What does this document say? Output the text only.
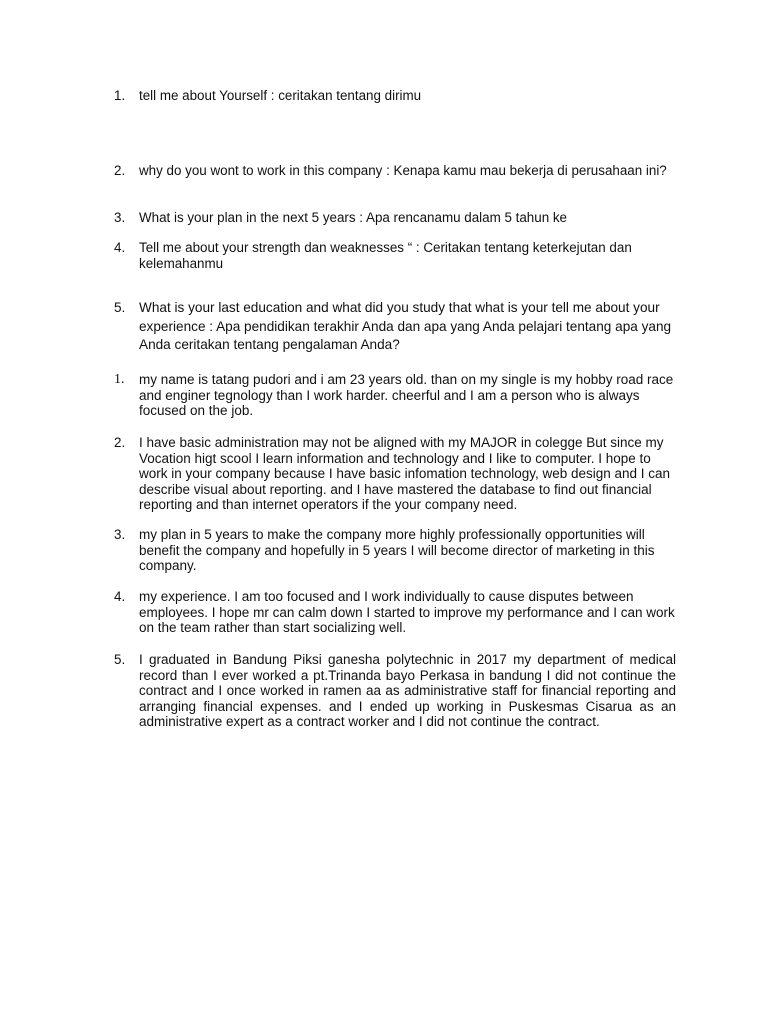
1.	tell me about Yourself : ceritakan tentang dirimu
2.	why do you wont to work in this company : Kenapa kamu mau bekerja di perusahaan ini?
3.	What is your plan in the next 5 years : Apa rencanamu dalam 5 tahun ke
4.	Tell me about your strength dan weaknesses “ : Ceritakan tentang keterkejutan dan kelemahanmu
5.	What is your last education and what did you study that what is your tell me about your experience : Apa pendidikan terakhir Anda dan apa yang Anda pelajari tentang apa yang Anda ceritakan tentang pengalaman Anda?
1.	my name is tatang pudori and i am 23 years old. than on my single is my hobby road race and enginer tegnology than I work harder. cheerful and I am a person who is always focused on the job.
2.	I have basic administration may not be aligned with my MAJOR in colegge But since my Vocation higt scool I learn information and technology and I like to computer. I hope to work in your company because I have basic infomation technology, web design and I can describe visual about reporting. and I have mastered the database to find out financial reporting and than internet operators if the your company need.
3.	my plan in 5 years to make the company more highly professionally opportunities will benefit the company and hopefully in 5 years I will become director of marketing in this company.
4.	my experience. I am too focused and I work individually to cause disputes between employees. I hope mr can calm down I started to improve my performance and I can work on the team rather than start socializing well.
5.	I graduated in Bandung Piksi ganesha polytechnic in 2017 my department of medical record than I ever worked a pt.Trinanda bayo Perkasa in bandung I did not continue the contract and I once worked in ramen aa as administrative staff for financial reporting and arranging financial expenses. and I ended up working in Puskesmas Cisarua as an administrative expert as a contract worker and I did not continue the contract.
